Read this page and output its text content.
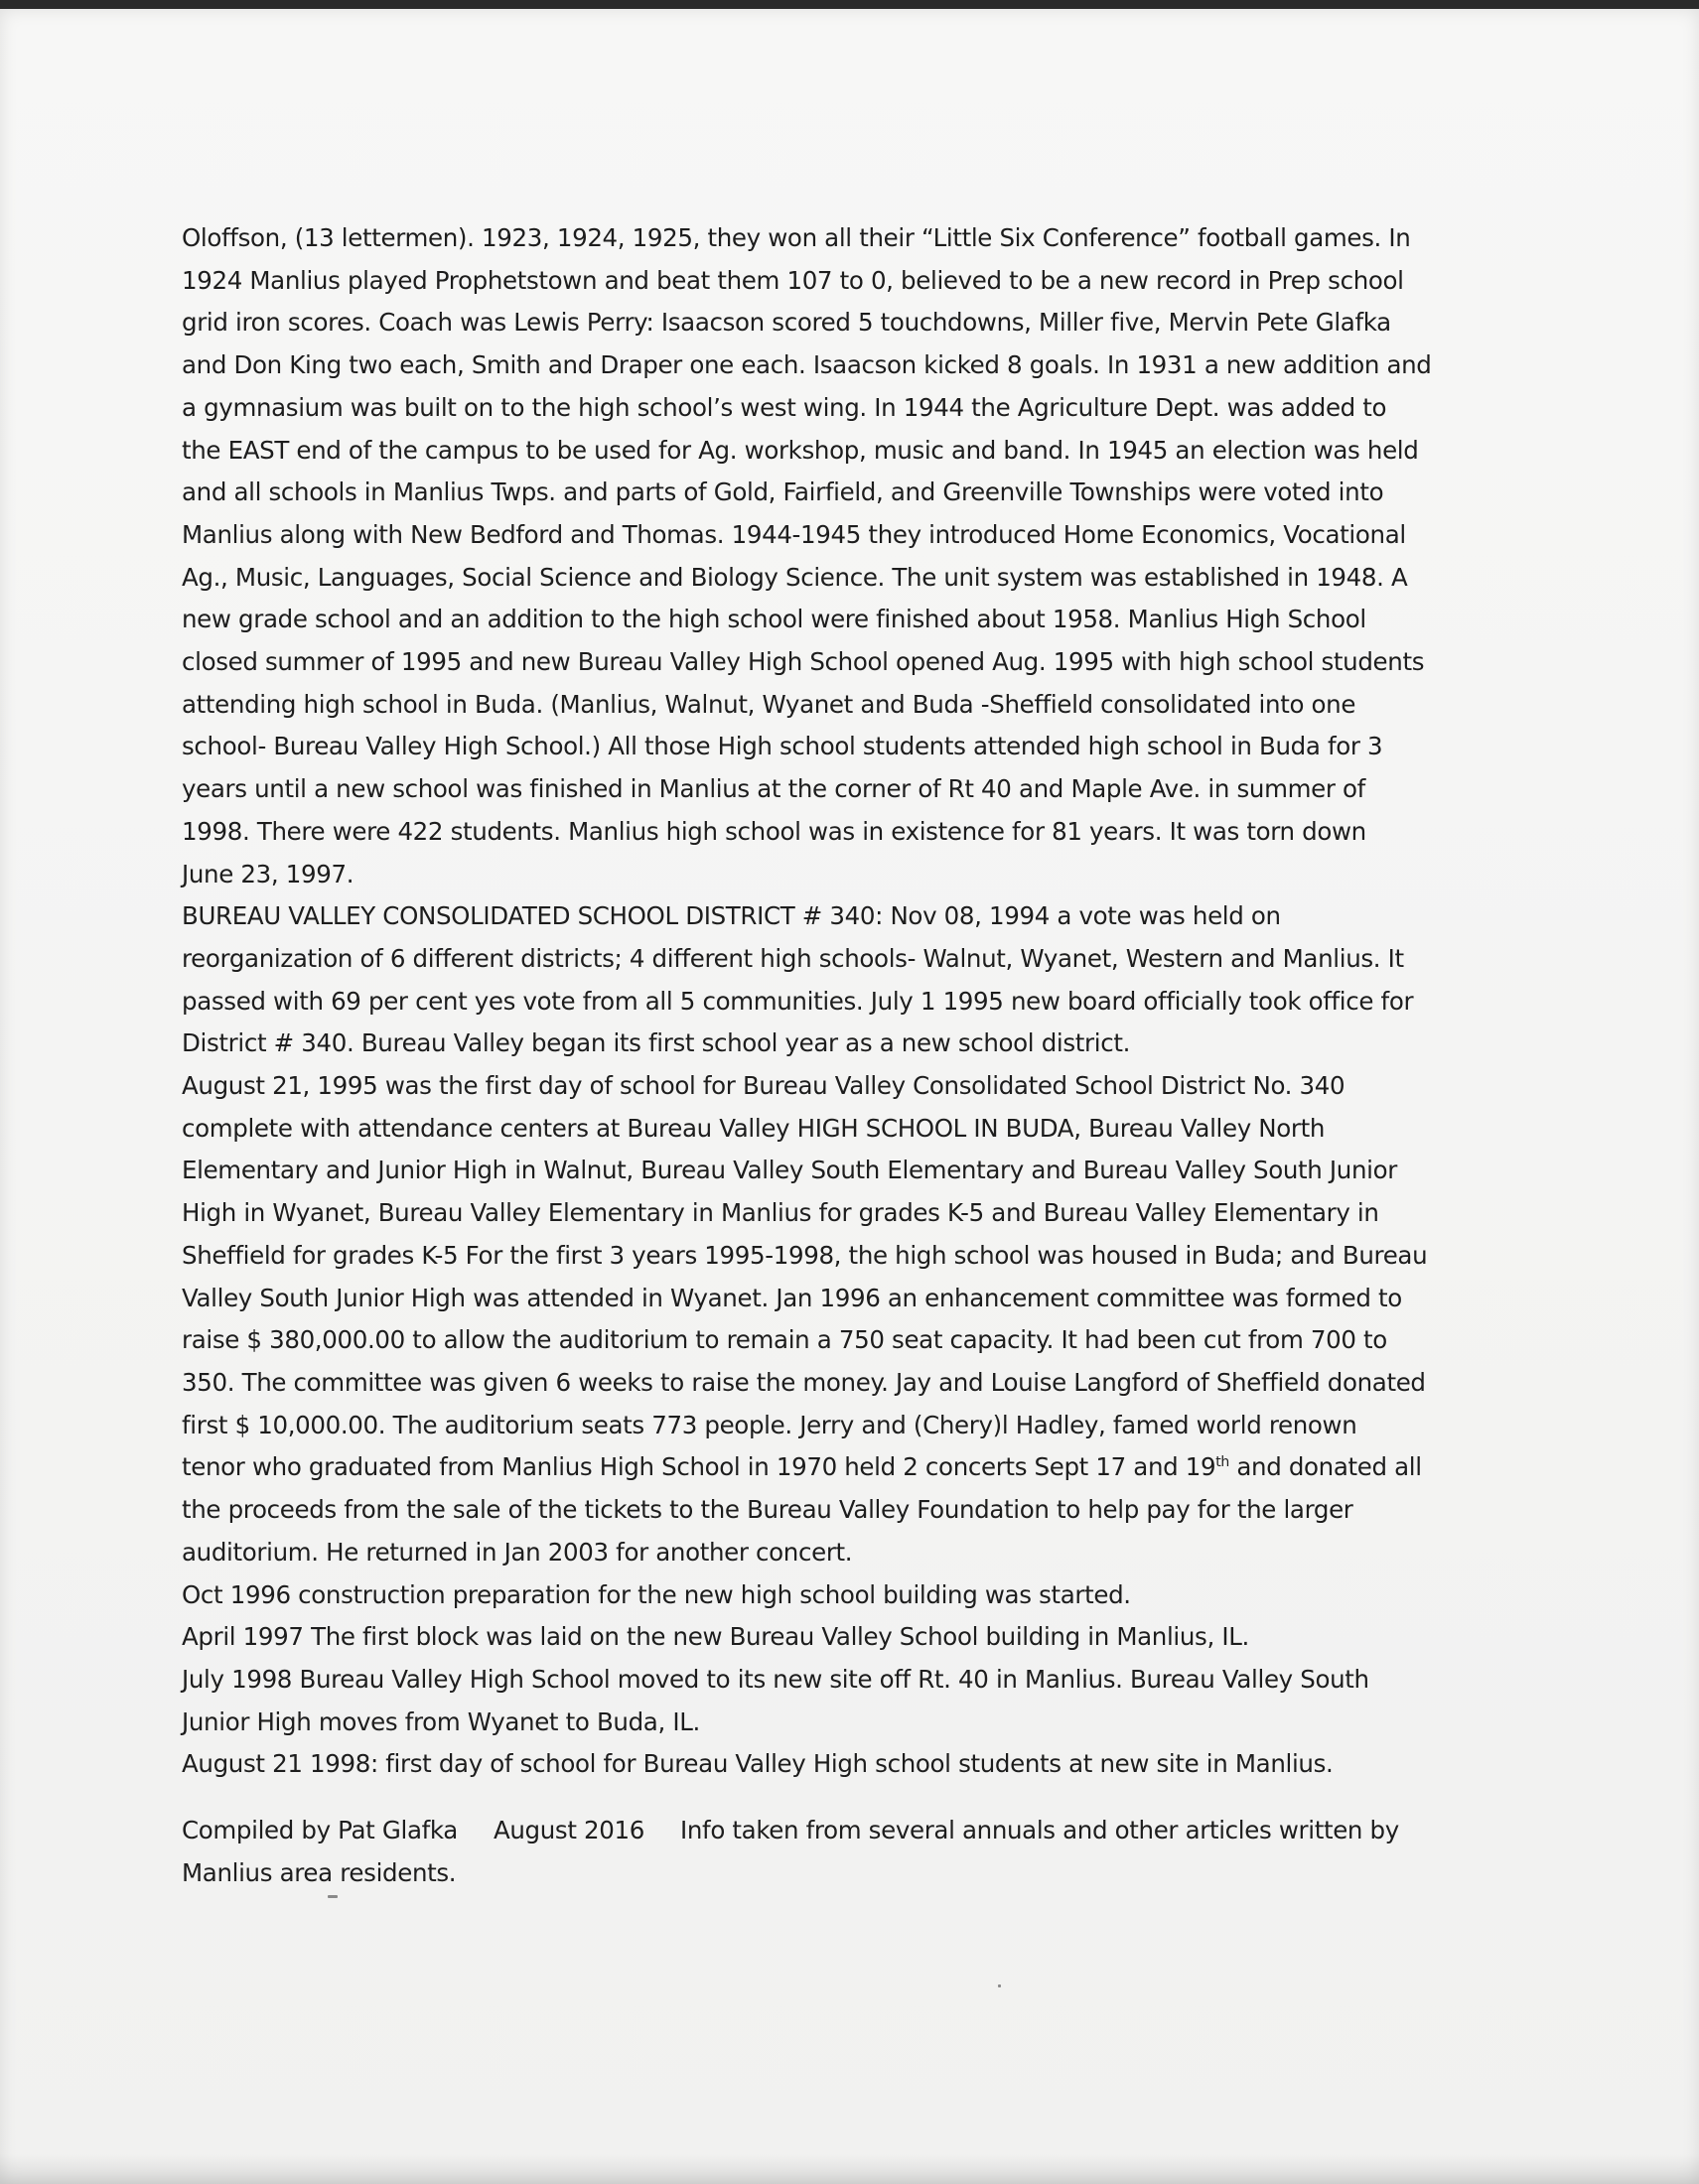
Oloffson, (13 lettermen). 1923, 1924, 1925, they won all their “Little Six Conference” football games. In
1924 Manlius played Prophetstown and beat them 107 to 0, believed to be a new record in Prep school
grid iron scores. Coach was Lewis Perry: Isaacson scored 5 touchdowns, Miller five, Mervin Pete Glafka
and Don King two each, Smith and Draper one each. Isaacson kicked 8 goals. In 1931 a new addition and
a gymnasium was built on to the high school’s west wing. In 1944 the Agriculture Dept. was added to
the EAST end of the campus to be used for Ag. workshop, music and band. In 1945 an election was held
and all schools in Manlius Twps. and parts of Gold, Fairfield, and Greenville Townships were voted into
Manlius along with New Bedford and Thomas. 1944-1945 they introduced Home Economics, Vocational
Ag., Music, Languages, Social Science and Biology Science. The unit system was established in 1948. A
new grade school and an addition to the high school were finished about 1958. Manlius High School
closed summer of 1995 and new Bureau Valley High School opened Aug. 1995 with high school students
attending high school in Buda. (Manlius, Walnut, Wyanet and Buda -Sheffield consolidated into one
school- Bureau Valley High School.) All those High school students attended high school in Buda for 3
years until a new school was finished in Manlius at the corner of Rt 40 and Maple Ave. in summer of
1998. There were 422 students. Manlius high school was in existence for 81 years. It was torn down
June 23, 1997.
BUREAU VALLEY CONSOLIDATED SCHOOL DISTRICT # 340: Nov 08, 1994 a vote was held on
reorganization of 6 different districts; 4 different high schools- Walnut, Wyanet, Western and Manlius. It
passed with 69 per cent yes vote from all 5 communities. July 1 1995 new board officially took office for
District # 340. Bureau Valley began its first school year as a new school district.
August 21, 1995 was the first day of school for Bureau Valley Consolidated School District No. 340
complete with attendance centers at Bureau Valley HIGH SCHOOL IN BUDA, Bureau Valley North
Elementary and Junior High in Walnut, Bureau Valley South Elementary and Bureau Valley South Junior
High in Wyanet, Bureau Valley Elementary in Manlius for grades K-5 and Bureau Valley Elementary in
Sheffield for grades K-5 For the first 3 years 1995-1998, the high school was housed in Buda; and Bureau
Valley South Junior High was attended in Wyanet. Jan 1996 an enhancement committee was formed to
raise $ 380,000.00 to allow the auditorium to remain a 750 seat capacity. It had been cut from 700 to
350. The committee was given 6 weeks to raise the money. Jay and Louise Langford of Sheffield donated
first $ 10,000.00. The auditorium seats 773 people. Jerry and (Chery)l Hadley, famed world renown
tenor who graduated from Manlius High School in 1970 held 2 concerts Sept 17 and 19th and donated all
the proceeds from the sale of the tickets to the Bureau Valley Foundation to help pay for the larger
auditorium. He returned in Jan 2003 for another concert.
Oct 1996 construction preparation for the new high school building was started.
April 1997 The first block was laid on the new Bureau Valley School building in Manlius, IL.
July 1998 Bureau Valley High School moved to its new site off Rt. 40 in Manlius. Bureau Valley South
Junior High moves from Wyanet to Buda, IL.
August 21 1998: first day of school for Bureau Valley High school students at new site in Manlius.
Compiled by Pat Glafka August 2016 Info taken from several annuals and other articles written by
Manlius area residents.
